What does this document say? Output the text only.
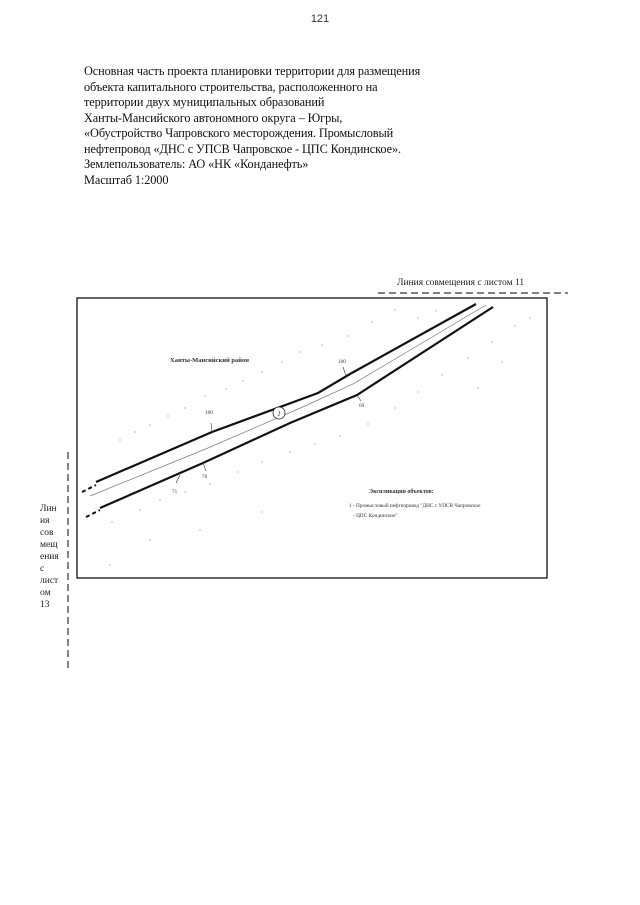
121
Основная часть проекта планировки территории для размещения
объекта капитального строительства, расположенного на
территории двух муниципальных образований
Ханты-Мансийского автономного округа – Югры,
«Обустройство Чапровского месторождения. Промысловый
нефтепровод «ДНС с УПСВ Чапровское - ЦПС Кондинское».
Землепользователь: АО «НК «Конданефть»
Масштаб 1:2000
Линия совмещения с листом 11
Лин
ия
сов
мещ
ения
с
лист
ом
13
1
Ханты-Мансийский район
100
100
70
71
69
Экспликация объектов:
1 - Промысловый нефтепровод "ДНС с УПСВ Чапровское
- ЦПС Кондинское"
